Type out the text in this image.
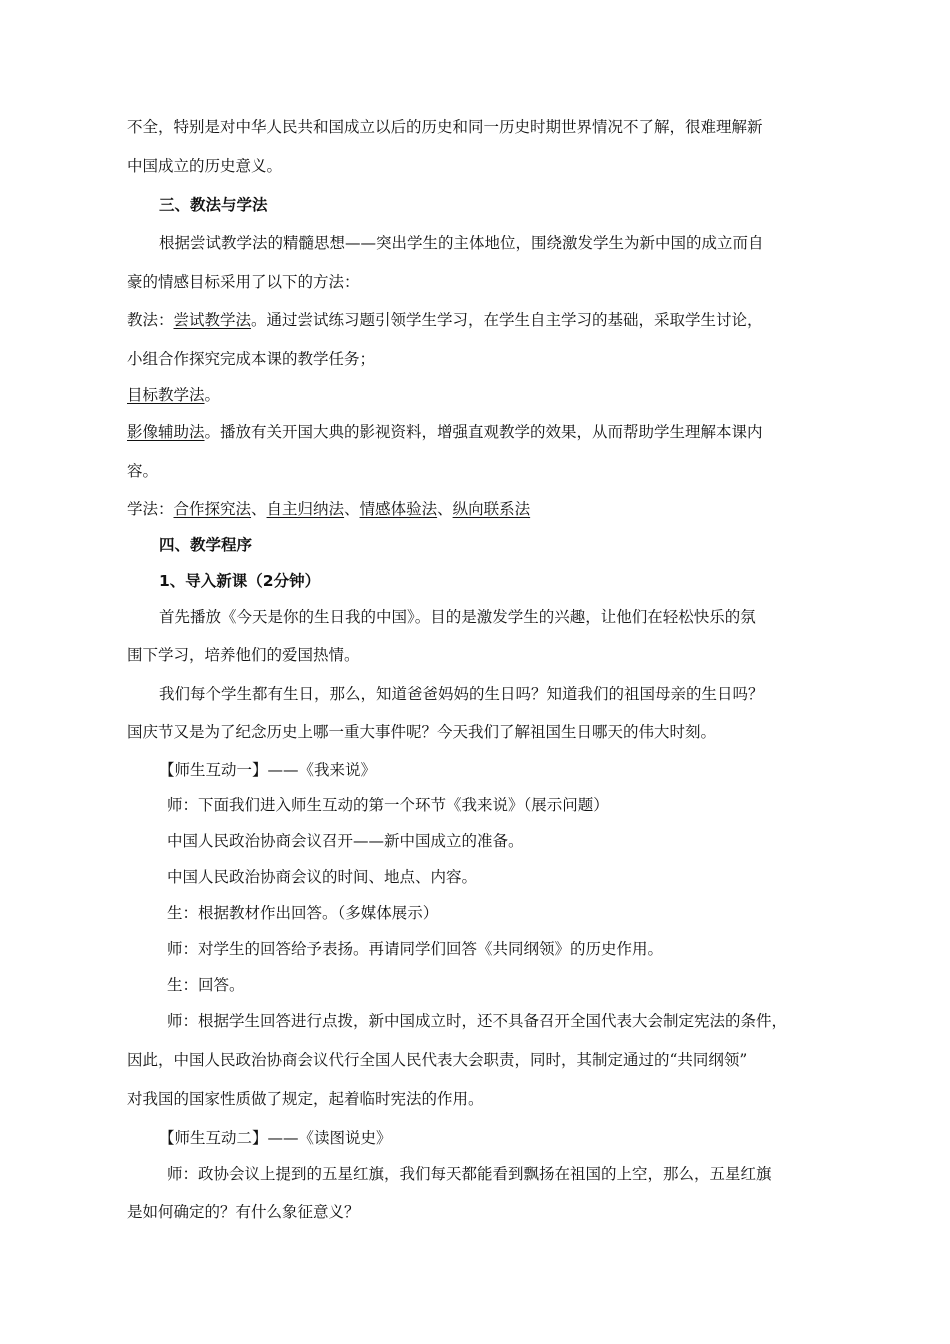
不全，特别是对中华人民共和国成立以后的历史和同一历史时期世界情况不了解，很难理解新
中国成立的历史意义。
三、教法与学法
根据尝试教学法的精髓思想——突出学生的主体地位，围绕激发学生为新中国的成立而自
豪的情感目标采用了以下的方法：
教法：尝试教学法。通过尝试练习题引领学生学习，在学生自主学习的基础，采取学生讨论，
小组合作探究完成本课的教学任务；
目标教学法。
影像辅助法。播放有关开国大典的影视资料，增强直观教学的效果，从而帮助学生理解本课内
容。
学法：合作探究法、自主归纳法、情感体验法、纵向联系法
四、教学程序
1、导入新课（2分钟）
首先播放《今天是你的生日我的中国》。目的是激发学生的兴趣，让他们在轻松快乐的氛
围下学习，培养他们的爱国热情。
我们每个学生都有生日，那么，知道爸爸妈妈的生日吗？知道我们的祖国母亲的生日吗？
国庆节又是为了纪念历史上哪一重大事件呢？今天我们了解祖国生日哪天的伟大时刻。
【师生互动一】——《我来说》
师：下面我们进入师生互动的第一个环节《我来说》（展示问题）
中国人民政治协商会议召开——新中国成立的准备。
中国人民政治协商会议的时间、地点、内容。
生：根据教材作出回答。（多媒体展示）
师：对学生的回答给予表扬。再请同学们回答《共同纲领》的历史作用。
生：回答。
师：根据学生回答进行点拨，新中国成立时，还不具备召开全国代表大会制定宪法的条件，
因此，中国人民政治协商会议代行全国人民代表大会职责，同时，其制定通过的“共同纲领”
对我国的国家性质做了规定，起着临时宪法的作用。
【师生互动二】——《读图说史》
师：政协会议上提到的五星红旗，我们每天都能看到飘扬在祖国的上空，那么，五星红旗
是如何确定的？有什么象征意义？
